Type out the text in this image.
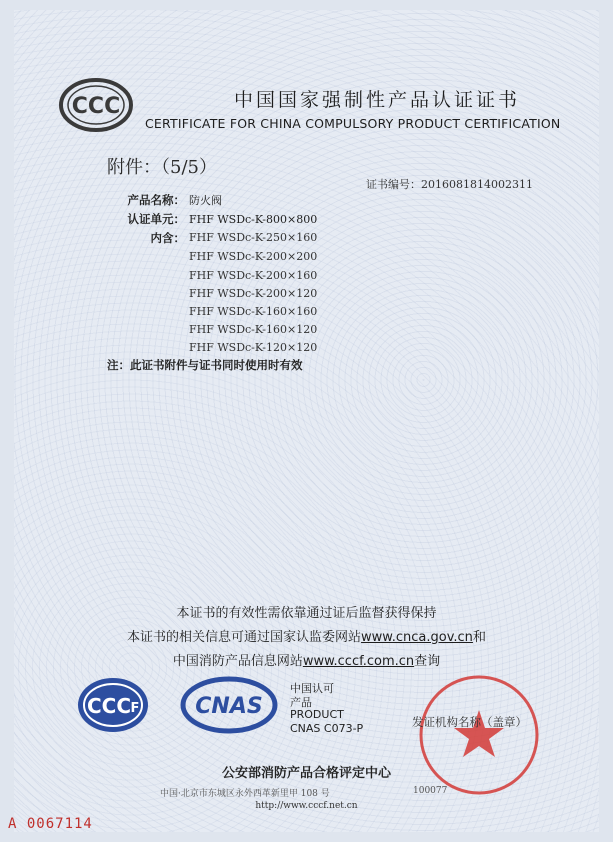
CCC	中国国家强制性产品认证证书
CERTIFICATE FOR CHINA COMPULSORY PRODUCT CERTIFICATION
附件：（5/5）
证书编号：2016081814002311
产品名称： 防火阀
认证单元： FHF WSDc-K-800×800
内含： FHF WSDc-K-250×160
FHF WSDc-K-200×200
FHF WSDc-K-200×160
FHF WSDc-K-200×120
FHF WSDc-K-160×160
FHF WSDc-K-160×120
FHF WSDc-K-120×120
注：此证书附件与证书同时使用时有效
本证书的有效性需依靠通过证后监督获得保持
本证书的相关信息可通过国家认监委网站www.cnca.gov.cn和
中国消防产品信息网站www.cccf.com.cn查询
CCC F	CNAS
中国认可
产品
PRODUCT
CNAS C073-P	发证机构名称（盖章）
公安部消防产品合格评定中心
中国·北京市东城区永外西革新里甲 108 号	100077
http://www.cccf.net.cn
A 0067114
